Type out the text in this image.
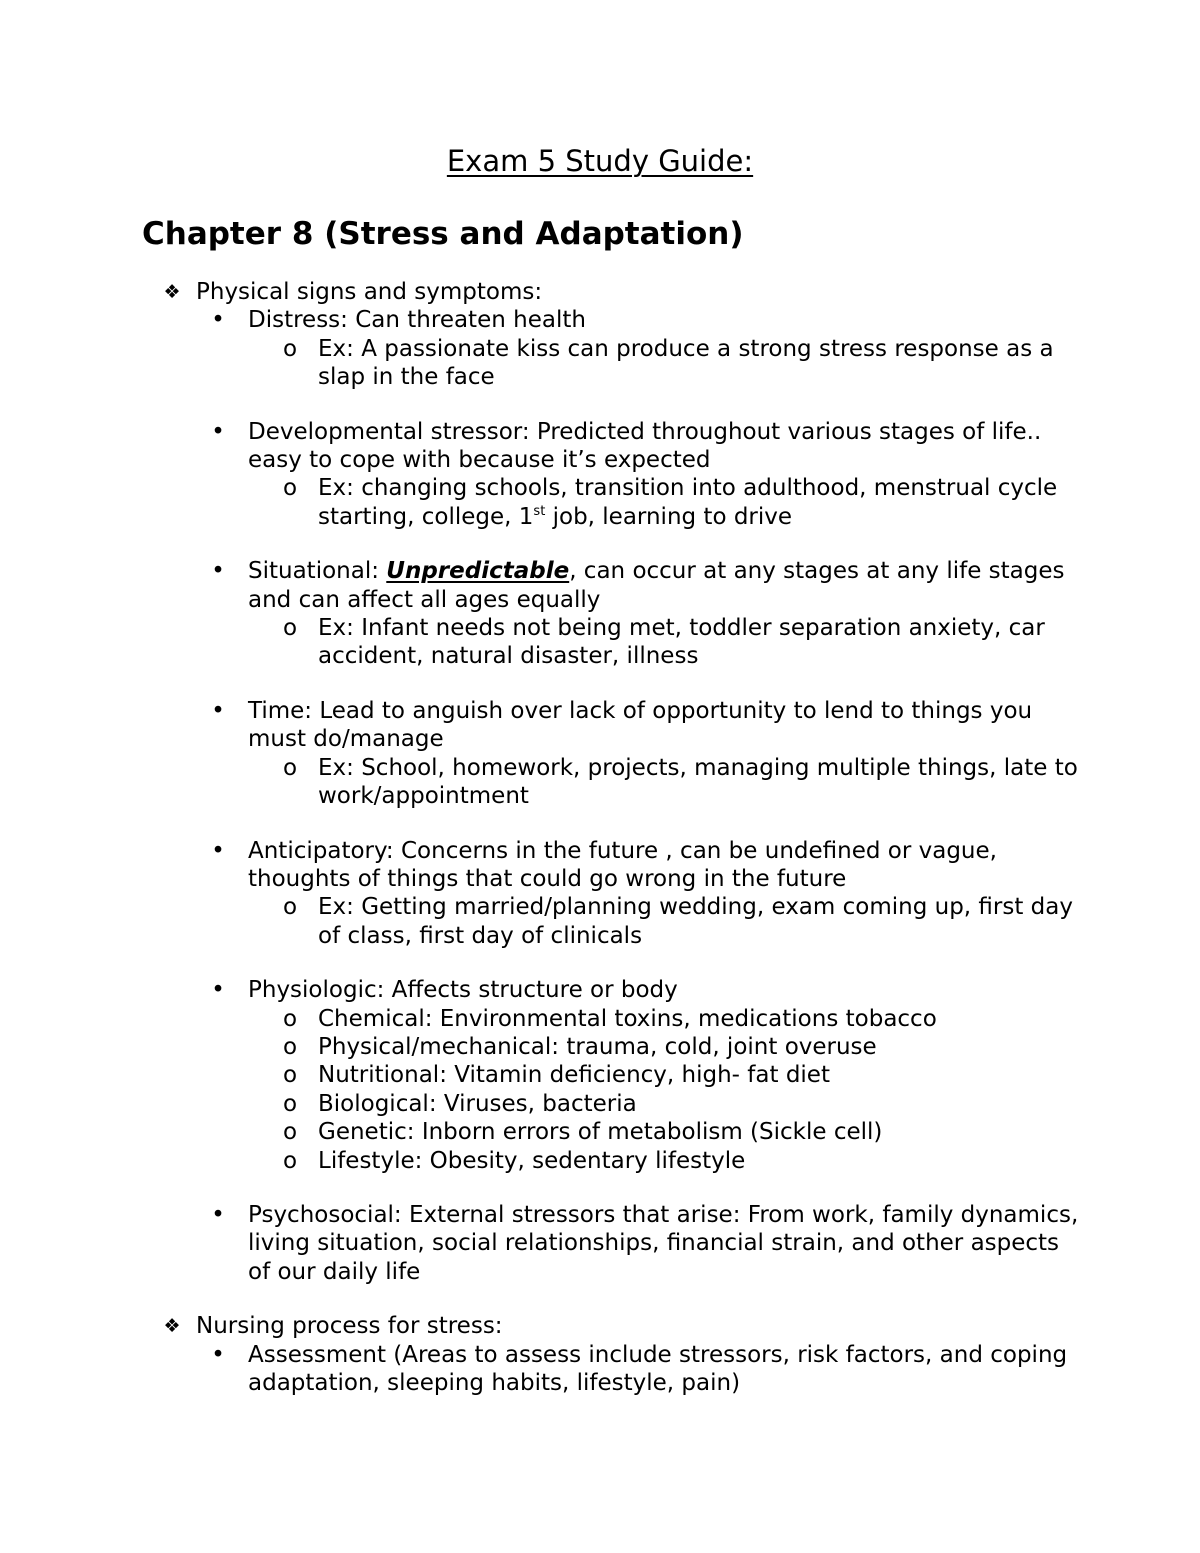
Exam 5 Study Guide:
Chapter 8 (Stress and Adaptation)
❖ Physical signs and symptoms:
• Distress: Can threaten health
o Ex: A passionate kiss can produce a strong stress response as a slap in the face
• Developmental stressor: Predicted throughout various stages of life.. easy to cope with because it’s expected
o Ex: changing schools, transition into adulthood, menstrual cycle starting, college, 1st job, learning to drive
• Situational: Unpredictable, can occur at any stages at any life stages and can affect all ages equally
o Ex: Infant needs not being met, toddler separation anxiety, car accident, natural disaster, illness
• Time: Lead to anguish over lack of opportunity to lend to things you must do/manage
o Ex: School, homework, projects, managing multiple things, late to work/appointment
• Anticipatory: Concerns in the future , can be undefined or vague, thoughts of things that could go wrong in the future
o Ex: Getting married/planning wedding, exam coming up, first day of class, first day of clinicals
• Physiologic: Affects structure or body
o Chemical: Environmental toxins, medications tobacco
o Physical/mechanical: trauma, cold, joint overuse
o Nutritional: Vitamin deficiency, high- fat diet
o Biological: Viruses, bacteria
o Genetic: Inborn errors of metabolism (Sickle cell)
o Lifestyle: Obesity, sedentary lifestyle
• Psychosocial: External stressors that arise: From work, family dynamics, living situation, social relationships, financial strain, and other aspects of our daily life
❖ Nursing process for stress:
• Assessment (Areas to assess include stressors, risk factors, and coping adaptation, sleeping habits, lifestyle, pain)
